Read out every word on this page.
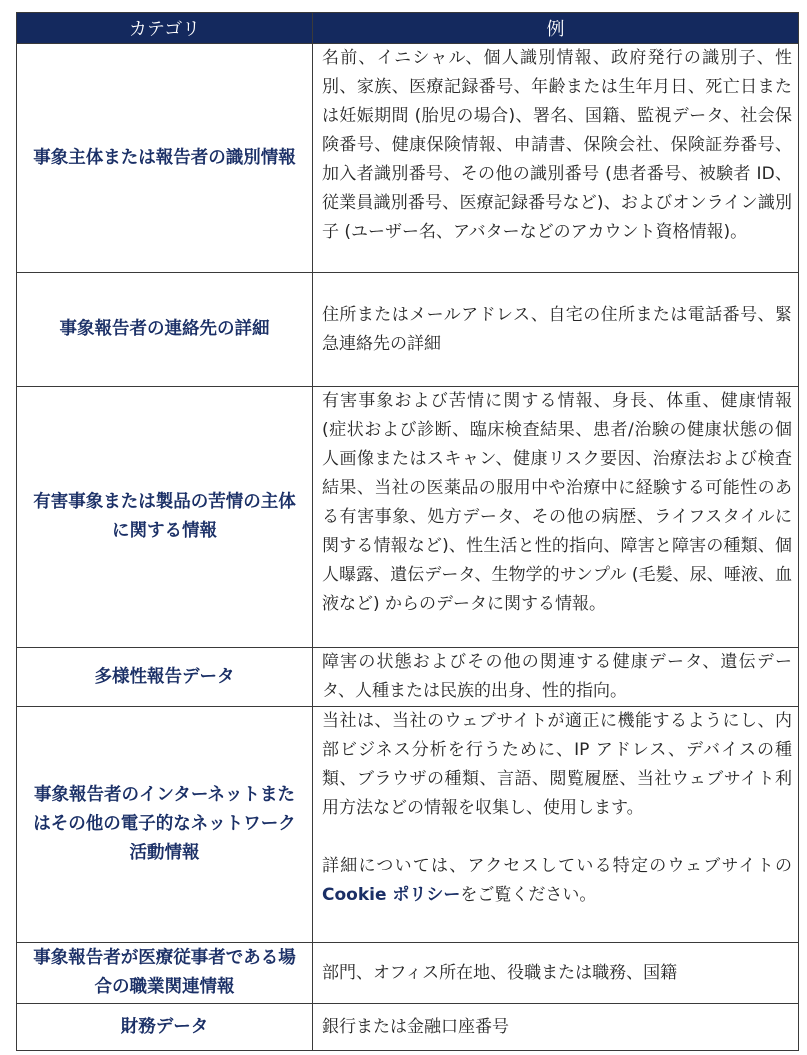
カテゴリ	例
事象主体または報告者の識別情報	名前、イニシャル、個人識別情報、政府発行の識別子、性別、家族、医療記録番号、年齢または生年月日、死亡日または妊娠期間 (胎児の場合)、署名、国籍、監視データ、社会保険番号、健康保険情報、申請書、保険会社、保険証券番号、加入者識別番号、その他の識別番号 (患者番号、被験者 ID、従業員識別番号、医療記録番号など)、およびオンライン識別子 (ユーザー名、アバターなどのアカウント資格情報)。
事象報告者の連絡先の詳細	住所またはメールアドレス、自宅の住所または電話番号、緊急連絡先の詳細
有害事象または製品の苦情の主体に関する情報	有害事象および苦情に関する情報、身長、体重、健康情報 (症状および診断、臨床検査結果、患者/治験の健康状態の個人画像またはスキャン、健康リスク要因、治療法および検査結果、当社の医薬品の服用中や治療中に経験する可能性のある有害事象、処方データ、その他の病歴、ライフスタイルに関する情報など)、性生活と性的指向、障害と障害の種類、個人曝露、遺伝データ、生物学的サンプル (毛髪、尿、唾液、血液など) からのデータに関する情報。
多様性報告データ	障害の状態およびその他の関連する健康データ、遺伝データ、人種または民族的出身、性的指向。
事象報告者のインターネットまたはその他の電子的なネットワーク活動情報	当社は、当社のウェブサイトが適正に機能するようにし、内部ビジネス分析を行うために、IP アドレス、デバイスの種類、ブラウザの種類、言語、閲覧履歴、当社ウェブサイト利用方法などの情報を収集し、使用します。

詳細については、アクセスしている特定のウェブサイトの Cookie ポリシーをご覧ください。

事象報告者が医療従事者である場合の職業関連情報	部門、オフィス所在地、役職または職務、国籍
財務データ	銀行または金融口座番号
